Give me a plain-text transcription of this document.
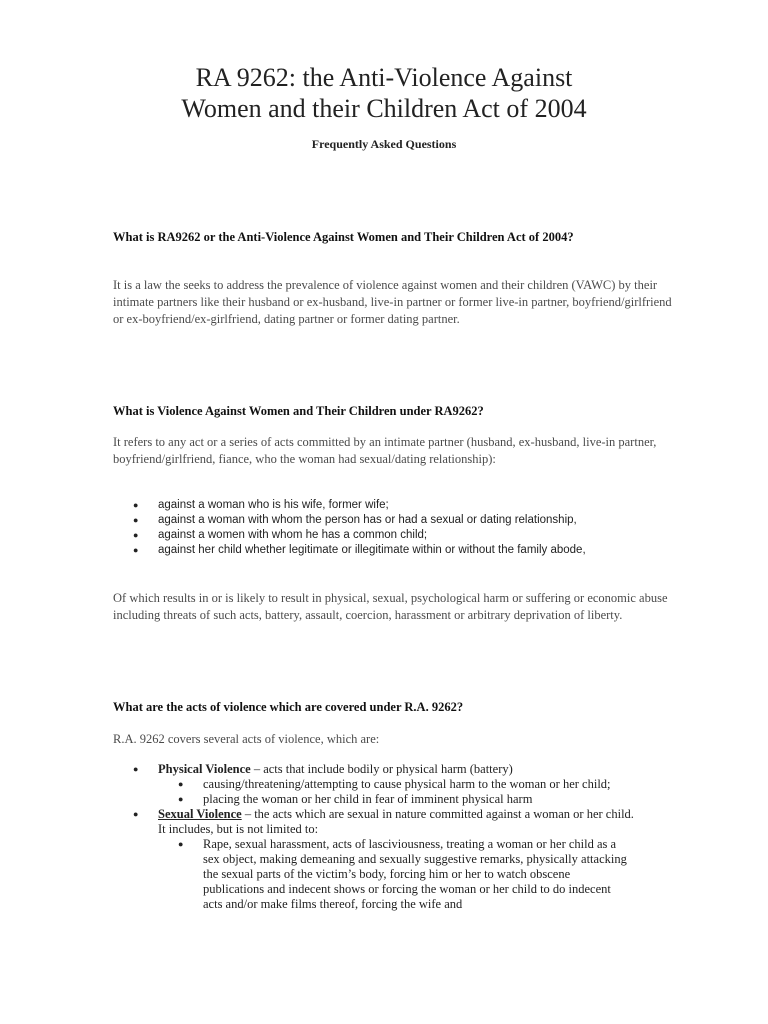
RA 9262: the Anti-Violence Against
Women and their Children Act of 2004
Frequently Asked Questions
What is RA9262 or the Anti-Violence Against Women and Their Children Act of 2004?
It is a law the seeks to address the prevalence of violence against women and their children (VAWC) by their intimate partners like their husband or ex-husband, live-in partner or former live-in partner, boyfriend/girlfriend or ex-boyfriend/ex-girlfriend, dating partner or former dating partner.
What is Violence Against Women and Their Children under RA9262?
It refers to any act or a series of acts committed by an intimate partner (husband, ex-husband, live-in partner, boyfriend/girlfriend, fiance, who the woman had sexual/dating relationship):
● against a woman who is his wife, former wife;
● against a woman with whom the person has or had a sexual or dating relationship,
● against a women with whom he has a common child;
● against her child whether legitimate or illegitimate within or without the family abode,
Of which results in or is likely to result in physical, sexual, psychological harm or suffering or economic abuse including threats of such acts, battery, assault, coercion, harassment or arbitrary deprivation of liberty.
What are the acts of violence which are covered under R.A. 9262?
R.A. 9262 covers several acts of violence, which are:
● Physical Violence – acts that include bodily or physical harm (battery)
● causing/threatening/attempting to cause physical harm to the woman or her child;
● placing the woman or her child in fear of imminent physical harm
● Sexual Violence – the acts which are sexual in nature committed against a woman or her child. It includes, but is not limited to:
● Rape, sexual harassment, acts of lasciviousness, treating a woman or her child as a sex object, making demeaning and sexually suggestive remarks, physically attacking the sexual parts of the victim’s body, forcing him or her to watch obscene publications and indecent shows or forcing the woman or her child to do indecent acts and/or make films thereof, forcing the wife and
